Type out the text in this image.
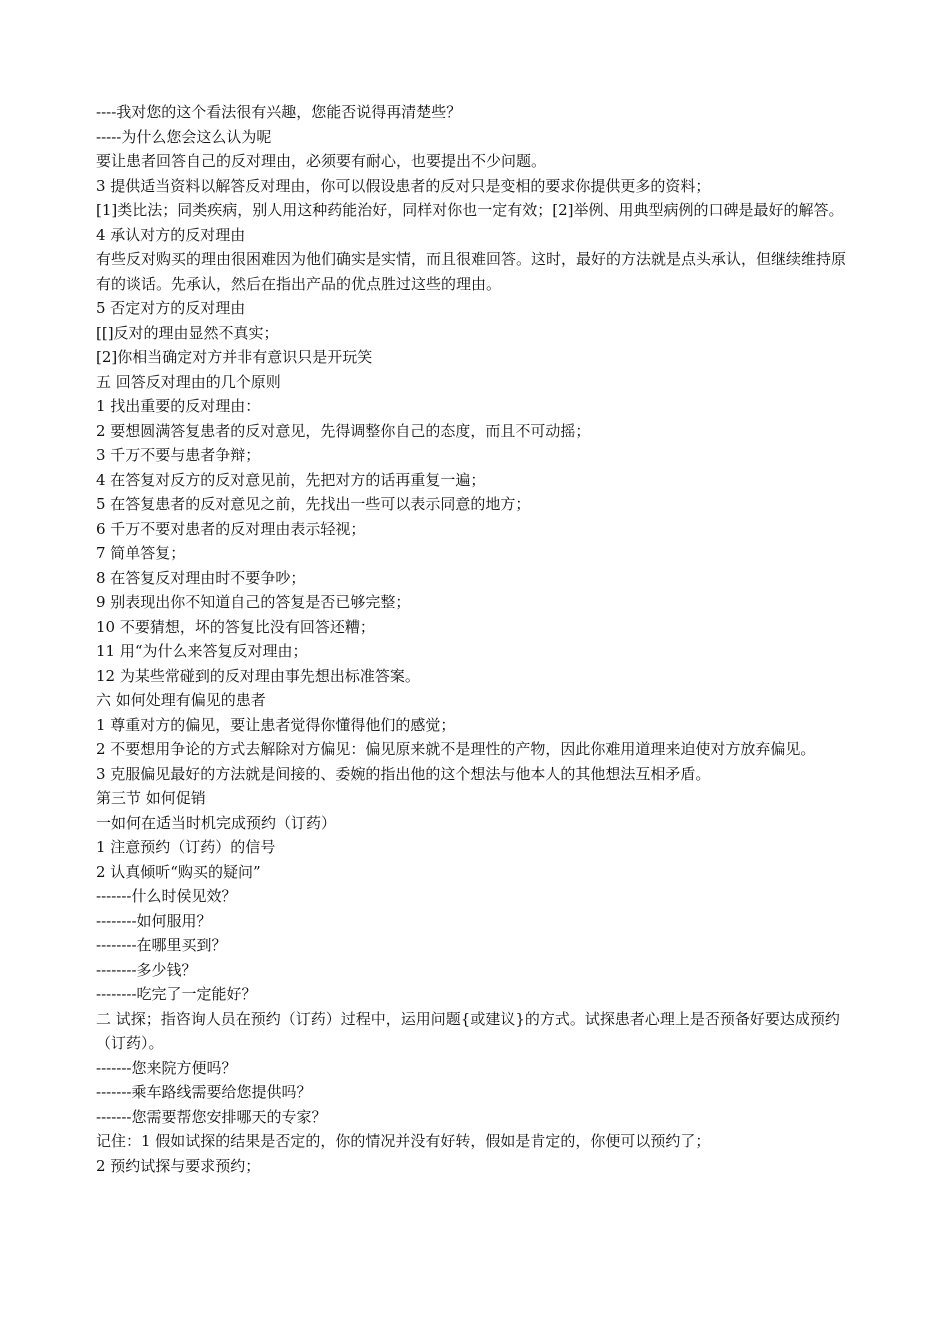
----我对您的这个看法很有兴趣，您能否说得再清楚些？

-----为什么您会这么认为呢

要让患者回答自己的反对理由，必须要有耐心，也要提出不少问题。

3 提供适当资料以解答反对理由，你可以假设患者的反对只是变相的要求你提供更多的资料；

[1]类比法；同类疾病，别人用这种药能治好，同样对你也一定有效；[2]举例、用典型病例的口碑是最好的解答。

4 承认对方的反对理由

有些反对购买的理由很困难因为他们确实是实情，而且很难回答。这时，最好的方法就是点头承认，但继续维持原有的谈话。先承认，然后在指出产品的优点胜过这些的理由。

5 否定对方的反对理由

[[]反对的理由显然不真实；

[2]你相当确定对方并非有意识只是开玩笑

五 回答反对理由的几个原则

1 找出重要的反对理由：

2 要想圆满答复患者的反对意见，先得调整你自己的态度，而且不可动摇；

3 千万不要与患者争辩；

4 在答复对反方的反对意见前，先把对方的话再重复一遍；

5 在答复患者的反对意见之前，先找出一些可以表示同意的地方；

6 千万不要对患者的反对理由表示轻视；

7 简单答复；

8 在答复反对理由时不要争吵；

9 别表现出你不知道自己的答复是否已够完整；

10 不要猜想，坏的答复比没有回答还糟；

11 用“为什么来答复反对理由；

12 为某些常碰到的反对理由事先想出标准答案。

六 如何处理有偏见的患者

1 尊重对方的偏见，要让患者觉得你懂得他们的感觉；

2 不要想用争论的方式去解除对方偏见：偏见原来就不是理性的产物，因此你难用道理来迫使对方放弃偏见。

3 克服偏见最好的方法就是间接的、委婉的指出他的这个想法与他本人的其他想法互相矛盾。

第三节 如何促销

一如何在适当时机完成预约（订药）

1 注意预约（订药）的信号

2 认真倾听“购买的疑问”

-------什么时侯见效？

--------如何服用？

--------在哪里买到？

--------多少钱？

--------吃完了一定能好？

二 试探；指咨询人员在预约（订药）过程中，运用问题{或建议}的方式。试探患者心理上是否预备好要达成预约（订药）。

-------您来院方便吗？

-------乘车路线需要给您提供吗？

-------您需要帮您安排哪天的专家？

记住：1 假如试探的结果是否定的，你的情况并没有好转，假如是肯定的，你便可以预约了；

2 预约试探与要求预约；
